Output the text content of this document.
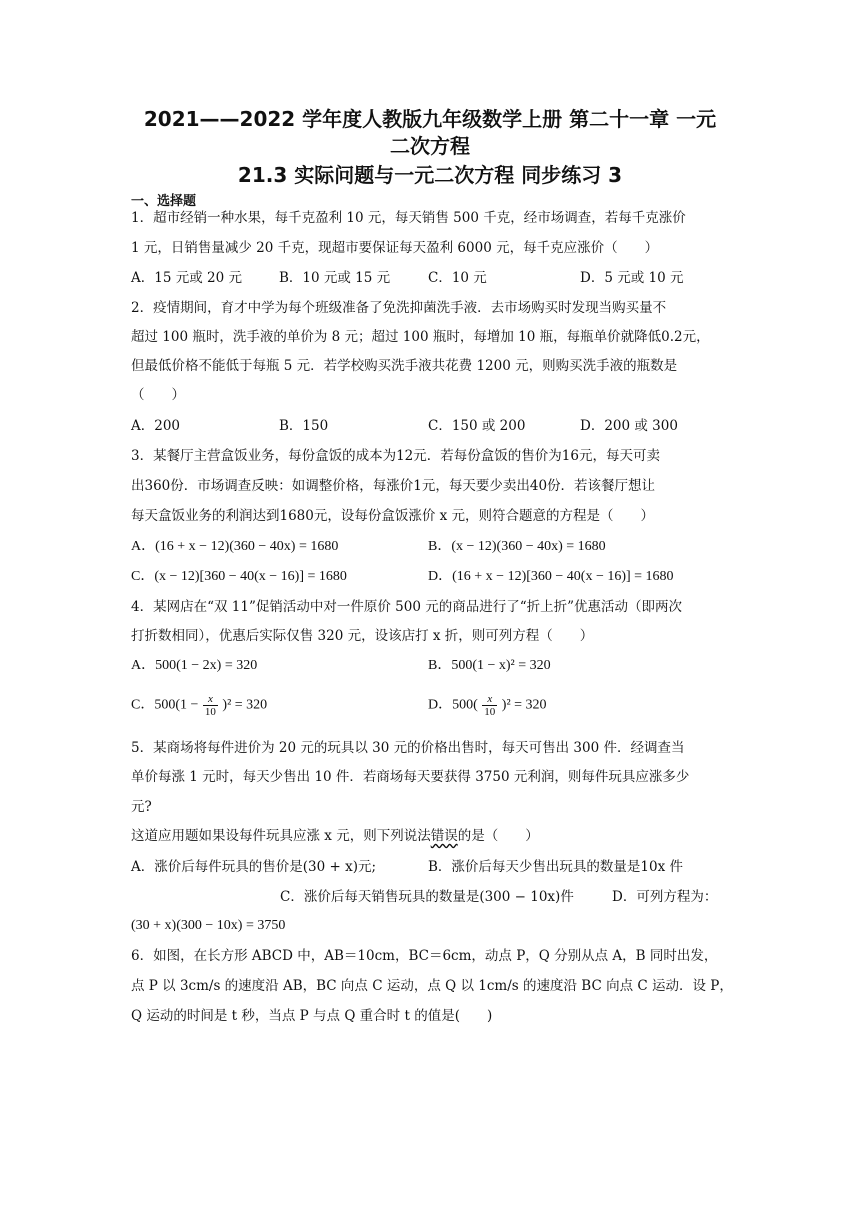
2021——2022 学年度人教版九年级数学上册 第二十一章 一元
二次方程
21.3 实际问题与一元二次方程 同步练习 3
一、选择题
1．超市经销一种水果，每千克盈利 10 元，每天销售 500 千克，经市场调查，若每千克涨价
1 元，日销售量减少 20 千克，现超市要保证每天盈利 6000 元，每千克应涨价（　　）
A．15 元或 20 元	B．10 元或 15 元	C．10 元	D．5 元或 10 元
2．疫情期间，育才中学为每个班级准备了免洗抑菌洗手液．去市场购买时发现当购买量不
超过 100 瓶时，洗手液的单价为 8 元；超过 100 瓶时，每增加 10 瓶，每瓶单价就降低0.2元，
但最低价格不能低于每瓶 5 元．若学校购买洗手液共花费 1200 元，则购买洗手液的瓶数是
（　　）
A．200	B．150	C．150 或 200	D．200 或 300
3．某餐厅主营盒饭业务，每份盒饭的成本为12元．若每份盒饭的售价为16元，每天可卖
出360份．市场调查反映：如调整价格，每涨价1元，每天要少卖出40份．若该餐厅想让
每天盒饭业务的利润达到1680元，设每份盒饭涨价 x 元，则符合题意的方程是（　　）
A．(16 + x − 12)(360 − 40x) = 1680	B．(x − 12)(360 − 40x) = 1680
C．(x − 12)[360 − 40(x − 16)] = 1680	D．(16 + x − 12)[360 − 40(x − 16)] = 1680
4．某网店在“双 11”促销活动中对一件原价 500 元的商品进行了“折上折”优惠活动（即两次
打折数相同），优惠后实际仅售 320 元，设该店打 x 折，则可列方程（　　）
A．500(1 − 2x) = 320	B．500(1 − x)² = 320
C．$500(1 - \frac{x}{10} )^2 = 320$	D．$500( \frac{x}{10} )^2 = 320$
5．某商场将每件进价为 20 元的玩具以 30 元的价格出售时，每天可售出 300 件．经调查当
单价每涨 1 元时，每天少售出 10 件．若商场每天要获得 3750 元利润，则每件玩具应涨多少
元?
这道应用题如果设每件玩具应涨 x 元，则下列说法错误的是（　　）
A．涨价后每件玩具的售价是(30 + x)元;	B．涨价后每天少售出玩具的数量是10x 件
C．涨价后每天销售玩具的数量是(300 − 10x)件	D．可列方程为：
(30 + x)(300 − 10x) = 3750
6．如图，在长方形 ABCD 中，AB＝10cm，BC＝6cm，动点 P，Q 分别从点 A，B 同时出发，
点 P 以 3cm/s 的速度沿 AB，BC 向点 C 运动，点 Q 以 1cm/s 的速度沿 BC 向点 C 运动．设 P，
Q 运动的时间是 t 秒，当点 P 与点 Q 重合时 t 的值是(　　)
